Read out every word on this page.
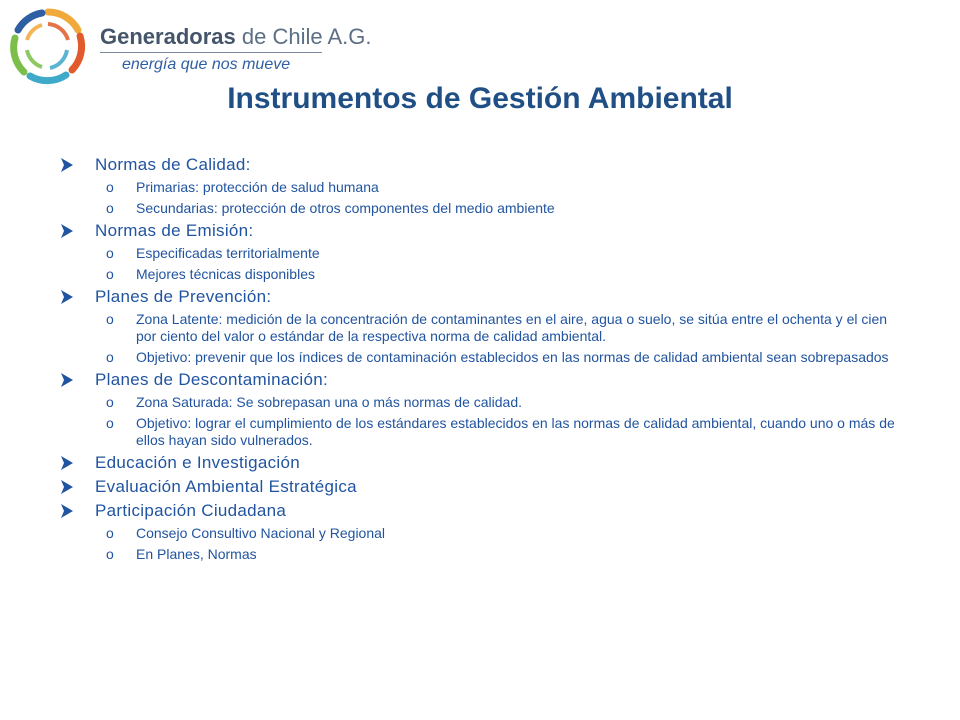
Generadoras de Chile A.G.
energía que nos mueve
Instrumentos de Gestión Ambiental
Normas de Calidad:
o Primarias: protección de salud humana
o Secundarias: protección de otros componentes del medio ambiente
Normas de Emisión:
o Especificadas territorialmente
o Mejores técnicas disponibles
Planes de Prevención:
o Zona Latente: medición de la concentración de contaminantes en el aire, agua o suelo, se sitúa entre el ochenta y el cien por ciento del valor o estándar de la respectiva norma de calidad ambiental.
o Objetivo: prevenir que los índices de contaminación establecidos en las normas de calidad ambiental sean sobrepasados
Planes de Descontaminación:
o Zona Saturada: Se sobrepasan una o más normas de calidad.
o Objetivo: lograr el cumplimiento de los estándares establecidos en las normas de calidad ambiental, cuando uno o más de ellos hayan sido vulnerados.
Educación e Investigación
Evaluación Ambiental Estratégica
Participación Ciudadana
o Consejo Consultivo Nacional y Regional
o En Planes, Normas
